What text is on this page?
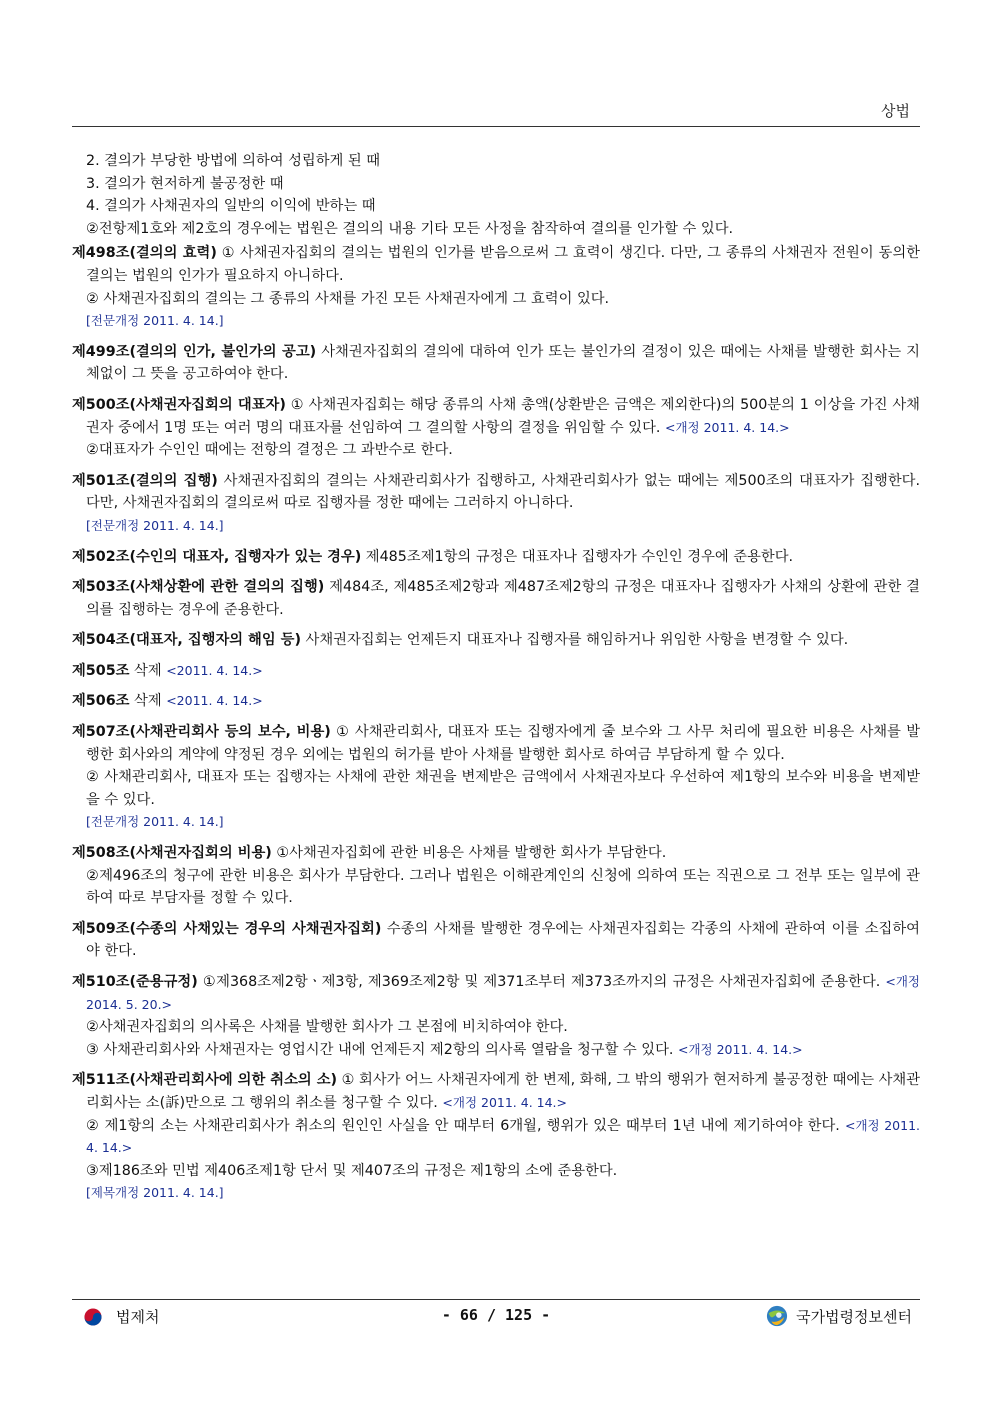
상법

2. 결의가 부당한 방법에 의하여 성립하게 된 때

3. 결의가 현저하게 불공정한 때

4. 결의가 사채권자의 일반의 이익에 반하는 때

②전항제1호와 제2호의 경우에는 법원은 결의의 내용 기타 모든 사정을 참작하여 결의를 인가할 수 있다.

제498조(결의의 효력) ① 사채권자집회의 결의는 법원의 인가를 받음으로써 그 효력이 생긴다. 다만, 그 종류의 사채권자 전원이 동의한 결의는 법원의 인가가 필요하지 아니하다.

② 사채권자집회의 결의는 그 종류의 사채를 가진 모든 사채권자에게 그 효력이 있다.

[전문개정 2011. 4. 14.]

제499조(결의의 인가, 불인가의 공고) 사채권자집회의 결의에 대하여 인가 또는 불인가의 결정이 있은 때에는 사채를 발행한 회사는 지체없이 그 뜻을 공고하여야 한다.

제500조(사채권자집회의 대표자) ① 사채권자집회는 해당 종류의 사채 총액(상환받은 금액은 제외한다)의 500분의 1 이상을 가진 사채권자 중에서 1명 또는 여러 명의 대표자를 선임하여 그 결의할 사항의 결정을 위임할 수 있다. <개정 2011. 4. 14.>

②대표자가 수인인 때에는 전항의 결정은 그 과반수로 한다.

제501조(결의의 집행) 사채권자집회의 결의는 사채관리회사가 집행하고, 사채관리회사가 없는 때에는 제500조의 대표자가 집행한다. 다만, 사채권자집회의 결의로써 따로 집행자를 정한 때에는 그러하지 아니하다.

[전문개정 2011. 4. 14.]

제502조(수인의 대표자, 집행자가 있는 경우) 제485조제1항의 규정은 대표자나 집행자가 수인인 경우에 준용한다.

제503조(사채상환에 관한 결의의 집행) 제484조, 제485조제2항과 제487조제2항의 규정은 대표자나 집행자가 사채의 상환에 관한 결의를 집행하는 경우에 준용한다.

제504조(대표자, 집행자의 해임 등) 사채권자집회는 언제든지 대표자나 집행자를 해임하거나 위임한 사항을 변경할 수 있다.

제505조 삭제 <2011. 4. 14.>

제506조 삭제 <2011. 4. 14.>

제507조(사채관리회사 등의 보수, 비용) ① 사채관리회사, 대표자 또는 집행자에게 줄 보수와 그 사무 처리에 필요한 비용은 사채를 발행한 회사와의 계약에 약정된 경우 외에는 법원의 허가를 받아 사채를 발행한 회사로 하여금 부담하게 할 수 있다.

② 사채관리회사, 대표자 또는 집행자는 사채에 관한 채권을 변제받은 금액에서 사채권자보다 우선하여 제1항의 보수와 비용을 변제받을 수 있다.

[전문개정 2011. 4. 14.]

제508조(사채권자집회의 비용) ①사채권자집회에 관한 비용은 사채를 발행한 회사가 부담한다.

②제496조의 청구에 관한 비용은 회사가 부담한다. 그러나 법원은 이해관계인의 신청에 의하여 또는 직권으로 그 전부 또는 일부에 관하여 따로 부담자를 정할 수 있다.

제509조(수종의 사채있는 경우의 사채권자집회) 수종의 사채를 발행한 경우에는 사채권자집회는 각종의 사채에 관하여 이를 소집하여야 한다.

제510조(준용규정) ①제368조제2항ㆍ제3항, 제369조제2항 및 제371조부터 제373조까지의 규정은 사채권자집회에 준용한다. <개정 2014. 5. 20.>

②사채권자집회의 의사록은 사채를 발행한 회사가 그 본점에 비치하여야 한다.

③ 사채관리회사와 사채권자는 영업시간 내에 언제든지 제2항의 의사록 열람을 청구할 수 있다. <개정 2011. 4. 14.>

제511조(사채관리회사에 의한 취소의 소) ① 회사가 어느 사채권자에게 한 변제, 화해, 그 밖의 행위가 현저하게 불공정한 때에는 사채관리회사는 소(訴)만으로 그 행위의 취소를 청구할 수 있다. <개정 2011. 4. 14.>

② 제1항의 소는 사채관리회사가 취소의 원인인 사실을 안 때부터 6개월, 행위가 있은 때부터 1년 내에 제기하여야 한다. <개정 2011. 4. 14.>

③제186조와 민법 제406조제1항 단서 및 제407조의 규정은 제1항의 소에 준용한다.

[제목개정 2011. 4. 14.]

법제처	- 66 / 125 -	국가법령정보센터
